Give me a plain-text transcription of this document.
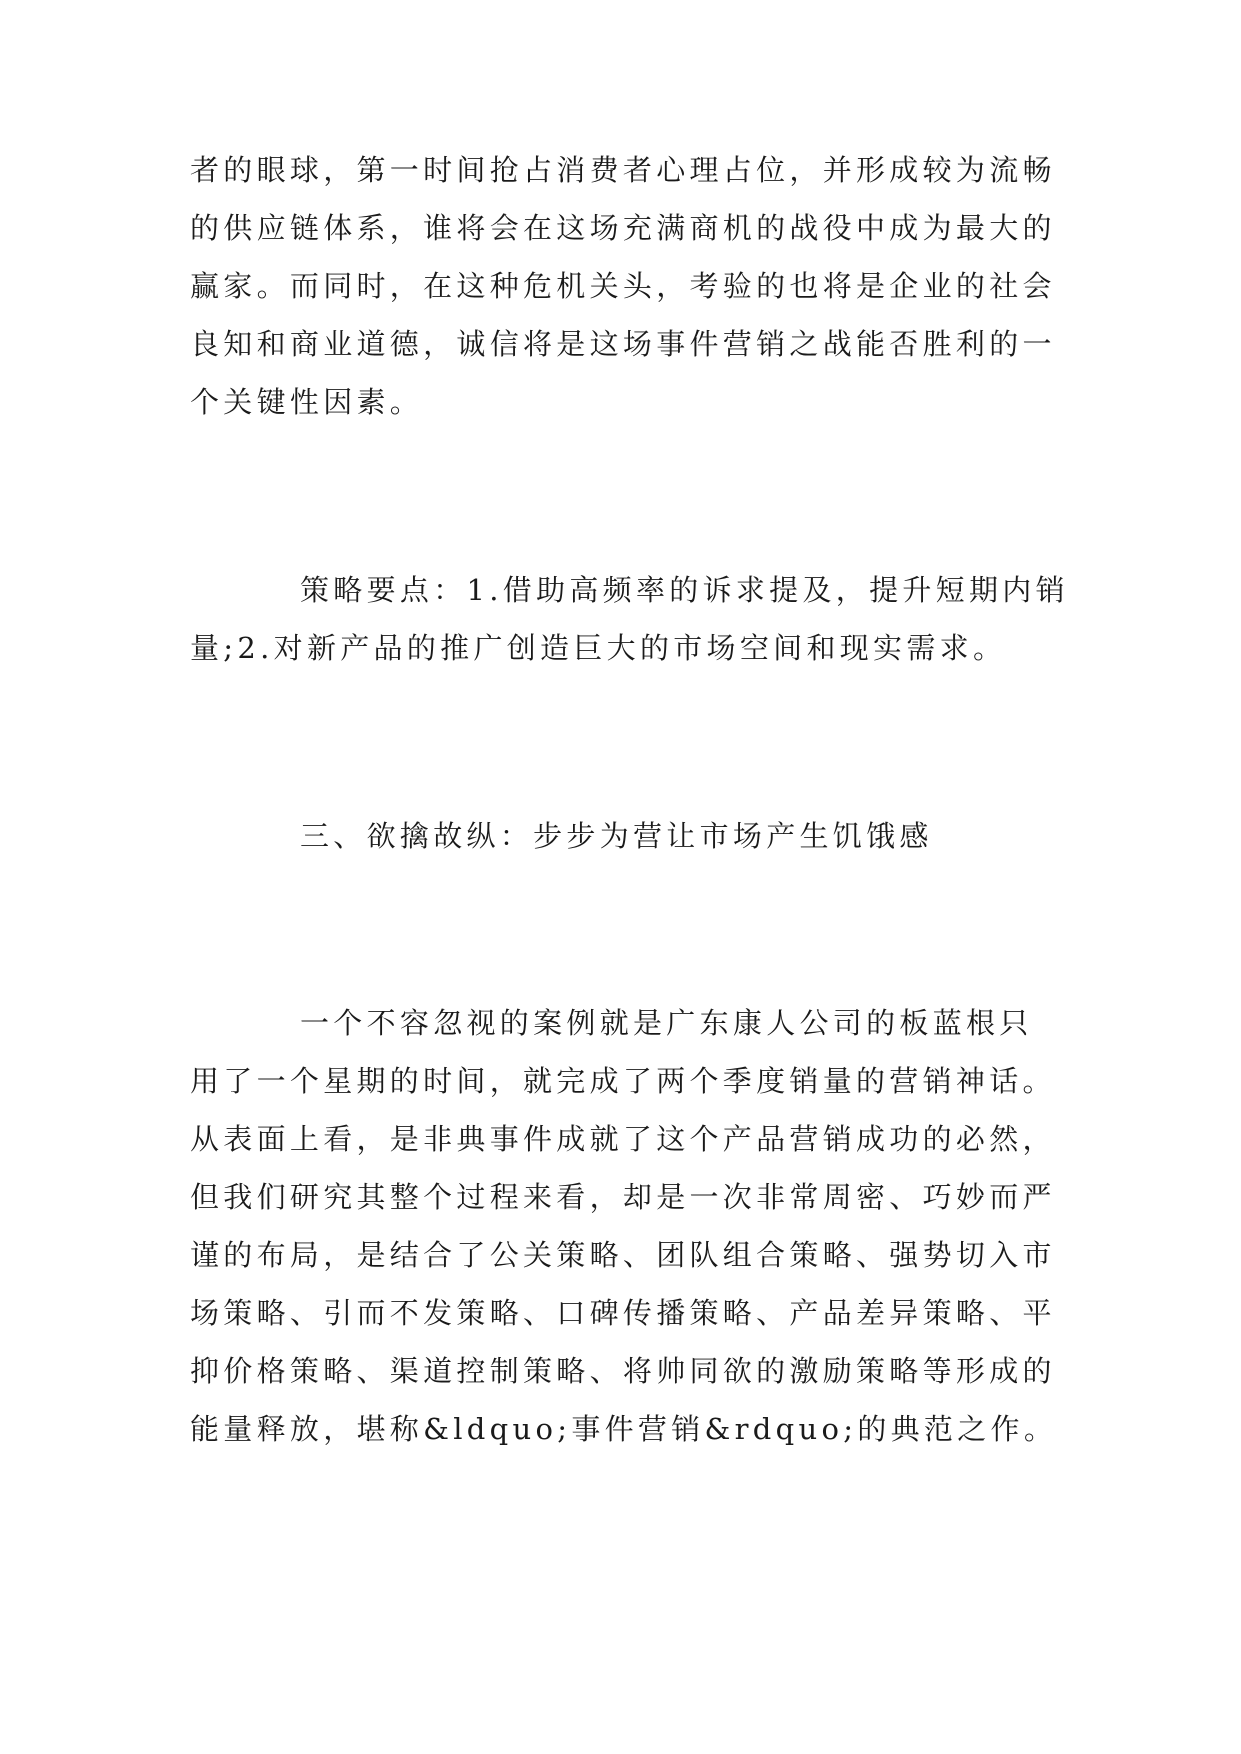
者的眼球，第一时间抢占消费者心理占位，并形成较为流畅
的供应链体系，谁将会在这场充满商机的战役中成为最大的
赢家。而同时，在这种危机关头，考验的也将是企业的社会
良知和商业道德，诚信将是这场事件营销之战能否胜利的一
个关键性因素。
策略要点：1.借助高频率的诉求提及，提升短期内销
量;2.对新产品的推广创造巨大的市场空间和现实需求。
三、欲擒故纵：步步为营让市场产生饥饿感
一个不容忽视的案例就是广东康人公司的板蓝根只
用了一个星期的时间，就完成了两个季度销量的营销神话。
从表面上看，是非典事件成就了这个产品营销成功的必然，
但我们研究其整个过程来看，却是一次非常周密、巧妙而严
谨的布局，是结合了公关策略、团队组合策略、强势切入市
场策略、引而不发策略、口碑传播策略、产品差异策略、平
抑价格策略、渠道控制策略、将帅同欲的激励策略等形成的
能量释放，堪称&ldquo;事件营销&rdquo;的典范之作。
